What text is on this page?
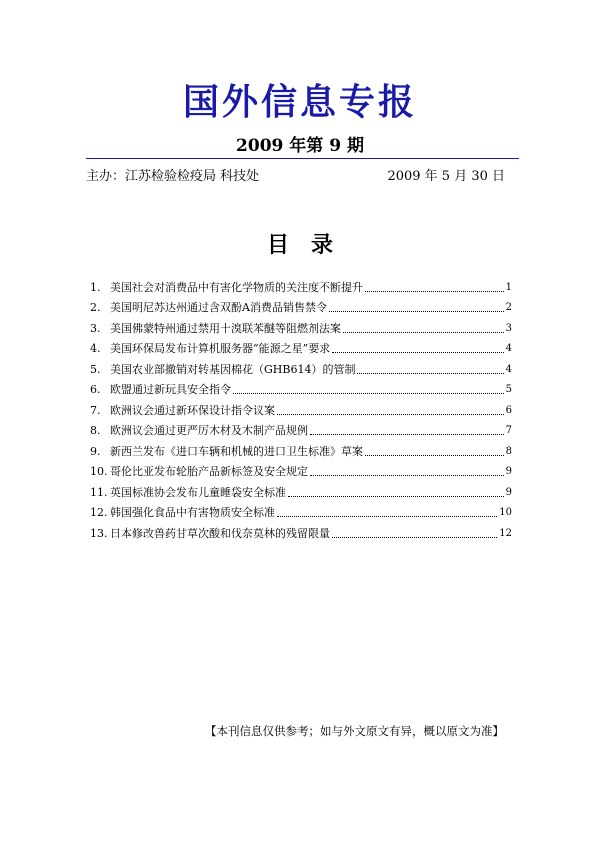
国外信息专报
2009 年第 9 期
主办：江苏检验检疫局 科技处	2009 年 5 月 30 日
目录
1. 美国社会对消费品中有害化学物质的关注度不断提升	1
2. 美国明尼苏达州通过含双酚A消费品销售禁令	2
3. 美国佛蒙特州通过禁用十溴联苯醚等阻燃剂法案	3
4. 美国环保局发布计算机服务器“能源之星”要求	4
5. 美国农业部撤销对转基因棉花（GHB614）的管制	4
6. 欧盟通过新玩具安全指令	5
7. 欧洲议会通过新环保设计指令议案	6
8. 欧洲议会通过更严厉木材及木制产品规例	7
9. 新西兰发布《进口车辆和机械的进口卫生标准》草案	8
10. 哥伦比亚发布轮胎产品新标签及安全规定	9
11. 英国标准协会发布儿童睡袋安全标准	9
12. 韩国强化食品中有害物质安全标准	10
13. 日本修改兽药甘草次酸和伐奈莫林的残留限量	12
【本刊信息仅供参考；如与外文原文有异，概以原文为准】
